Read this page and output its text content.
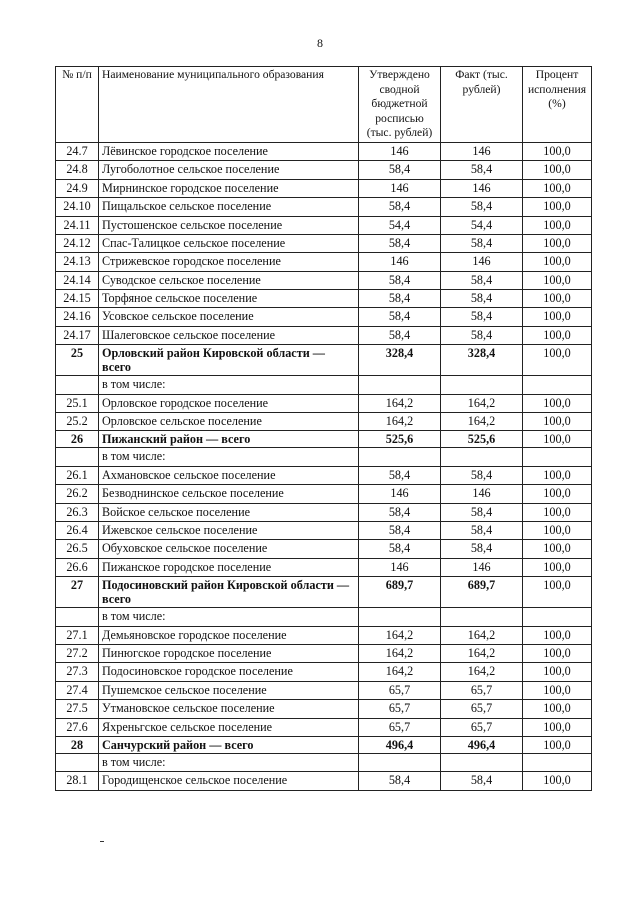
8
№ п/п	Наименование муниципального образования	Утверждено сводной бюджетной росписью (тыс. рублей)	Факт (тыс. рублей)	Процент исполнения (%)
24.7	Лёвинское городское поселение	146	146	100,0
24.8	Лугоболотное сельское поселение	58,4	58,4	100,0
24.9	Мирнинское городское поселение	146	146	100,0
24.10	Пищальское сельское поселение	58,4	58,4	100,0
24.11	Пустошенское сельское поселение	54,4	54,4	100,0
24.12	Спас-Талицкое сельское поселение	58,4	58,4	100,0
24.13	Стрижевское городское поселение	146	146	100,0
24.14	Суводское сельское поселение	58,4	58,4	100,0
24.15	Торфяное сельское поселение	58,4	58,4	100,0
24.16	Усовское сельское поселение	58,4	58,4	100,0
24.17	Шалеговское сельское поселение	58,4	58,4	100,0
25	Орловский район Кировской области — всего	328,4	328,4	100,0
	в том числе:			
25.1	Орловское городское поселение	164,2	164,2	100,0
25.2	Орловское сельское поселение	164,2	164,2	100,0
26	Пижанский район — всего	525,6	525,6	100,0
	в том числе:			
26.1	Ахмановское сельское поселение	58,4	58,4	100,0
26.2	Безводнинское сельское поселение	146	146	100,0
26.3	Войское сельское поселение	58,4	58,4	100,0
26.4	Ижевское сельское поселение	58,4	58,4	100,0
26.5	Обуховское сельское поселение	58,4	58,4	100,0
26.6	Пижанское городское поселение	146	146	100,0
27	Подосиновский район Кировской области — всего	689,7	689,7	100,0
	в том числе:			
27.1	Демьяновское городское поселение	164,2	164,2	100,0
27.2	Пинюгское городское поселение	164,2	164,2	100,0
27.3	Подосиновское городское поселение	164,2	164,2	100,0
27.4	Пушемское сельское поселение	65,7	65,7	100,0
27.5	Утмановское сельское поселение	65,7	65,7	100,0
27.6	Яхреньгское сельское поселение	65,7	65,7	100,0
28	Санчурский район — всего	496,4	496,4	100,0
	в том числе:			
28.1	Городищенское сельское поселение	58,4	58,4	100,0
